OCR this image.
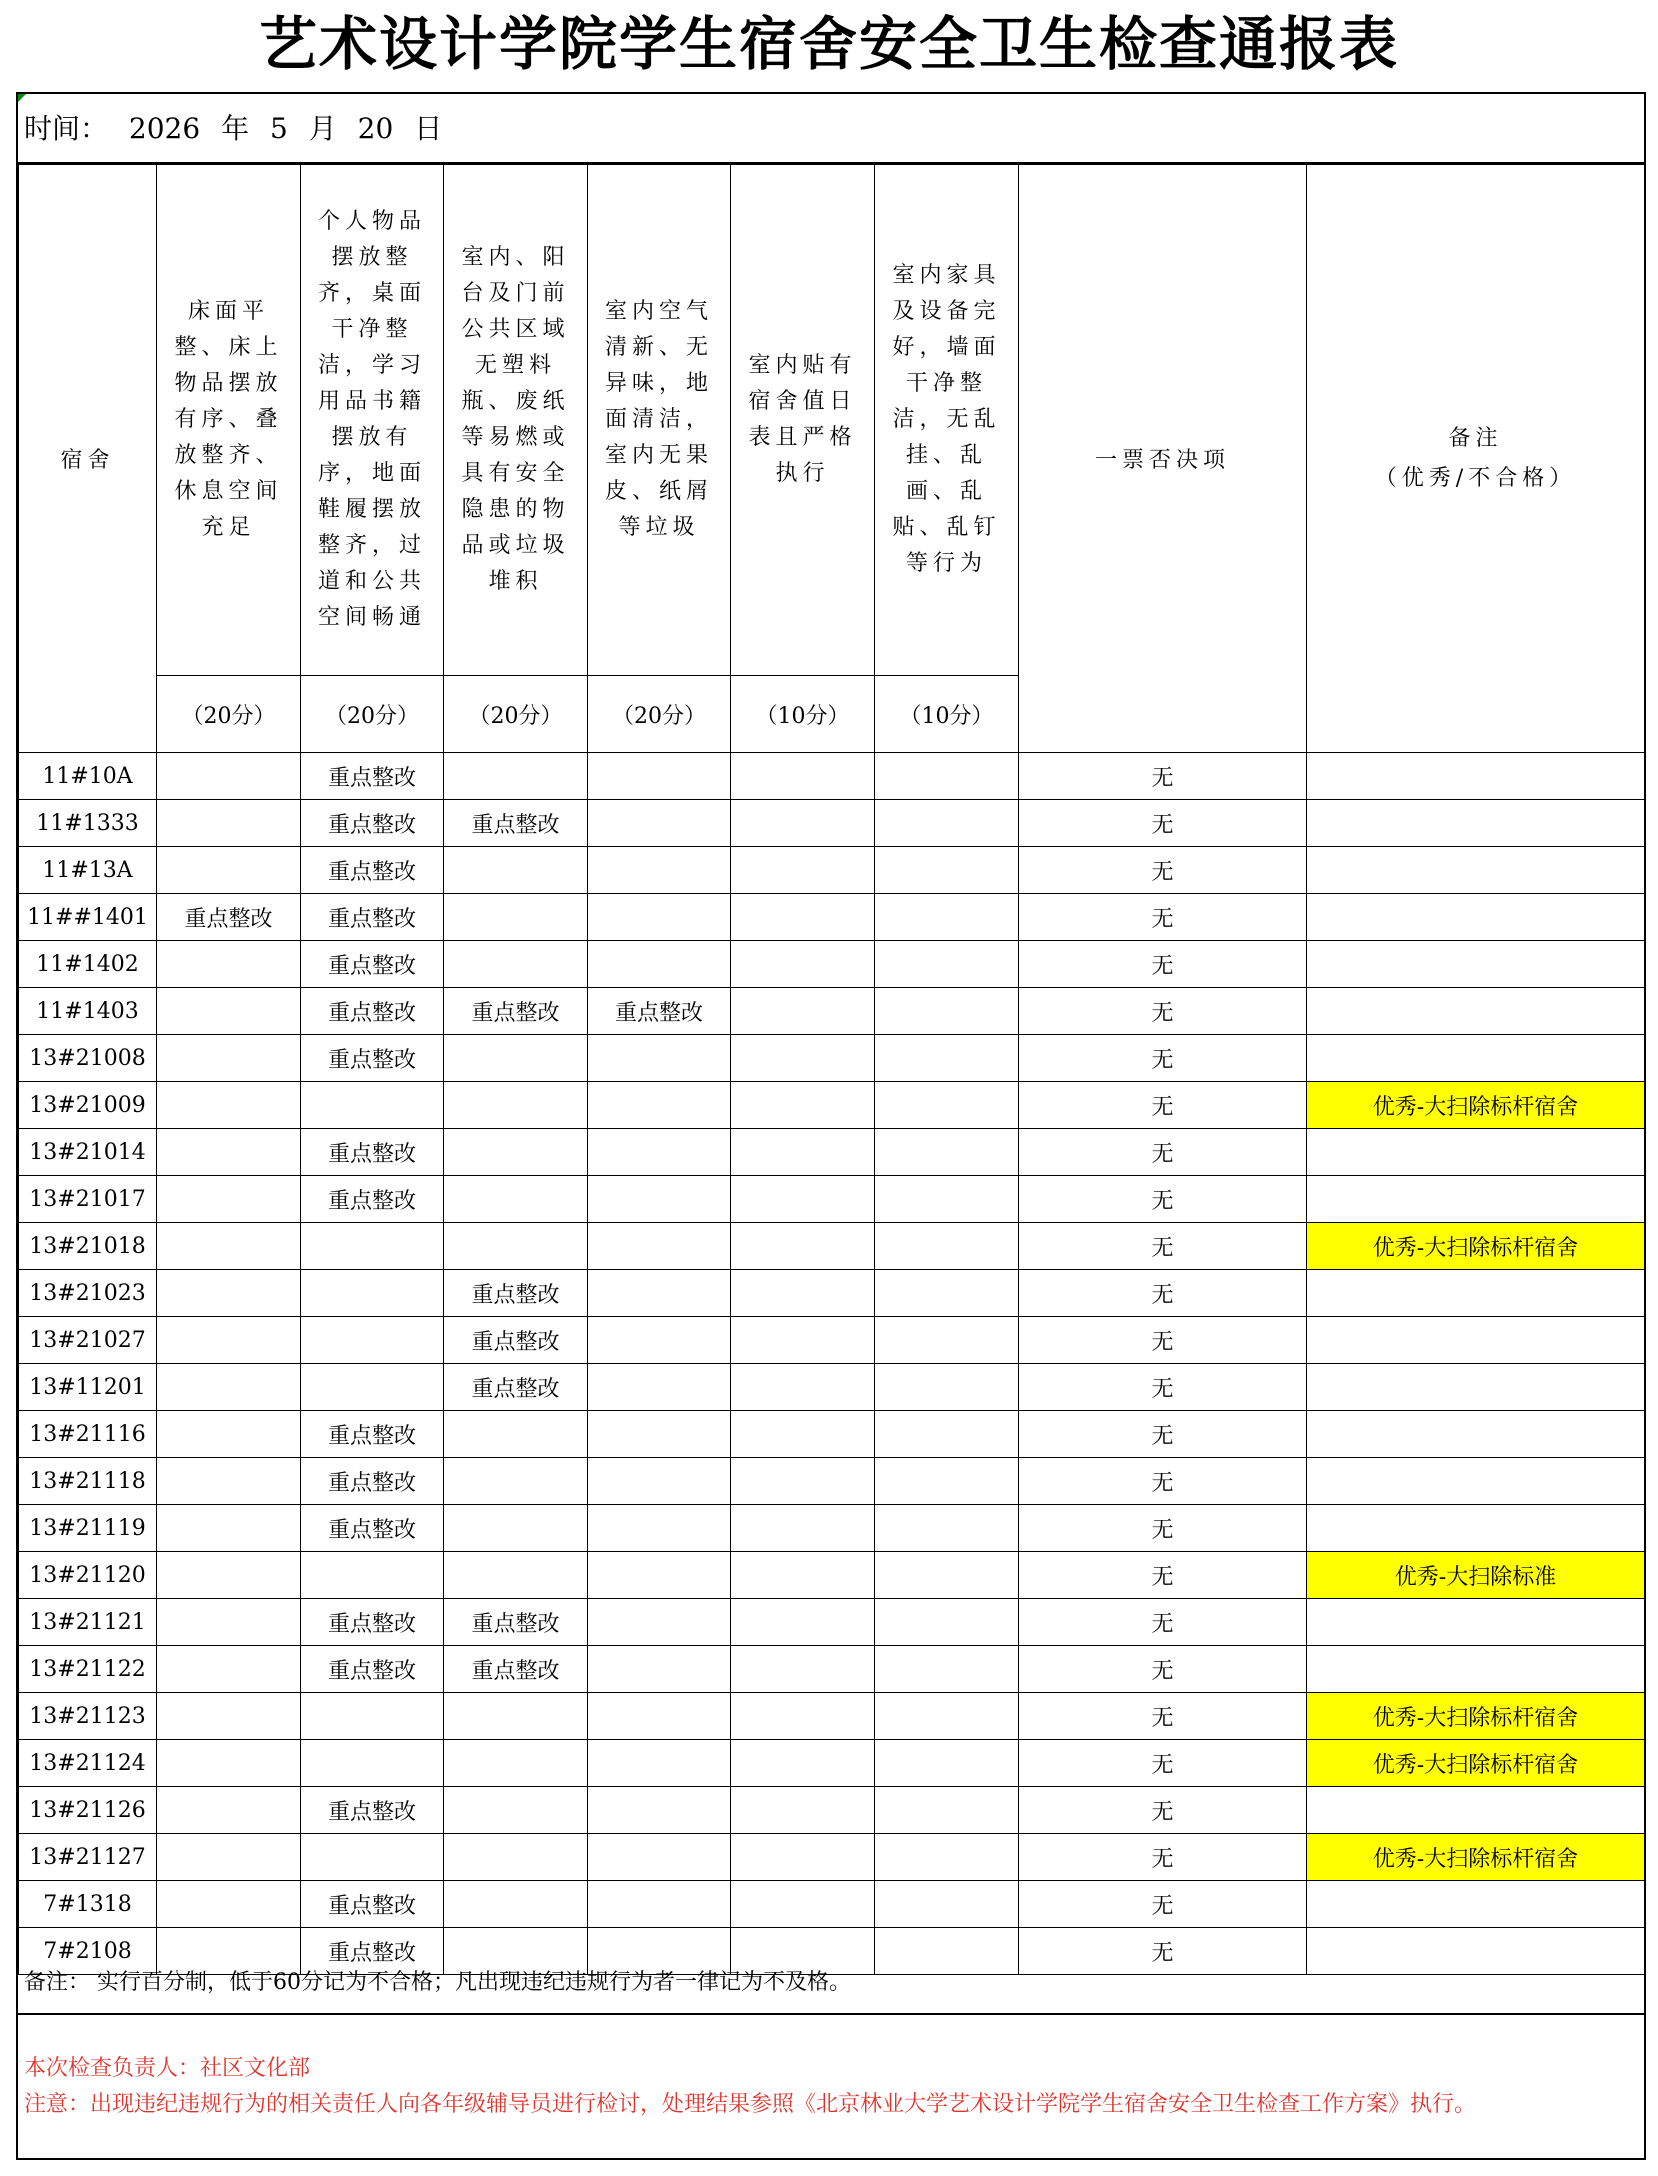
艺术设计学院学生宿舍安全卫生检查通报表
时间： 2026 年 5 月 20 日
宿舍	床面平整、床上物品摆放有序、叠放整齐、休息空间充足	个人物品摆放整齐，桌面干净整洁，学习用品书籍摆放有序，地面鞋履摆放整齐，过道和公共空间畅通	室内、阳台及门前公共区域无塑料瓶、废纸等易燃或具有安全隐患的物品或垃圾堆积	室内空气清新、无异味，地面清洁，室内无果皮、纸屑等垃圾	室内贴有宿舍值日表且严格执行	室内家具及设备完好，墙面干净整洁，无乱挂、乱画、乱贴、乱钉等行为	一票否决项	备注
（优秀/不合格）

	（20分）	（20分）	（20分）	（20分）	（10分）	（10分）		
11#10A		重点整改					无	
11#1333		重点整改	重点整改				无	
11#13A		重点整改					无	
11##1401	重点整改	重点整改					无	
11#1402		重点整改					无	
11#1403		重点整改	重点整改	重点整改			无	
13#21008		重点整改					无	
13#21009							无	优秀-大扫除标杆宿舍
13#21014		重点整改					无	
13#21017		重点整改					无	
13#21018							无	优秀-大扫除标杆宿舍
13#21023			重点整改				无	
13#21027			重点整改				无	
13#11201			重点整改				无	
13#21116		重点整改					无	
13#21118		重点整改					无	
13#21119		重点整改					无	
13#21120							无	优秀-大扫除标准
13#21121		重点整改	重点整改				无	
13#21122		重点整改	重点整改				无	
13#21123							无	优秀-大扫除标杆宿舍
13#21124							无	优秀-大扫除标杆宿舍
13#21126		重点整改					无	
13#21127							无	优秀-大扫除标杆宿舍
7#1318		重点整改					无	
7#2108		重点整改					无	
备注： 实行百分制，低于60分记为不合格；凡出现违纪违规行为者一律记为不及格。
本次检查负责人：社区文化部
注意：出现违纪违规行为的相关责任人向各年级辅导员进行检讨，处理结果参照《北京林业大学艺术设计学院学生宿舍安全卫生检查工作方案》执行。
